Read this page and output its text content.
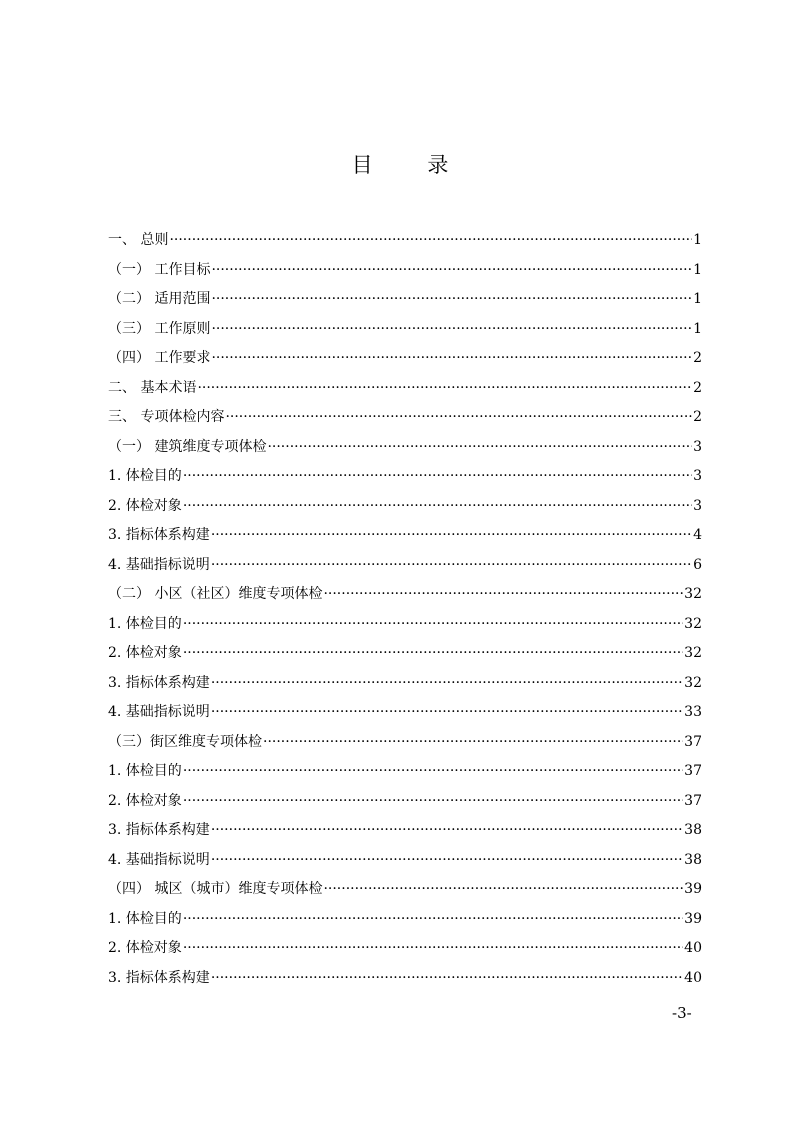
目 录
一、 总则 ·····	1
（一） 工作目标 ·····	1
（二） 适用范围 ·····	1
（三） 工作原则 ·····	1
（四） 工作要求 ·····	2
二、 基本术语 ·····	2
三、 专项体检内容 ·····	2
（一） 建筑维度专项体检 ·····	3
1. 体检目的 ·····	3
2. 体检对象 ·····	3
3. 指标体系构建 ·····	4
4. 基础指标说明 ·····	6
（二） 小区（社区）维度专项体检 ·····	32
1. 体检目的 ·····	32
2. 体检对象 ·····	32
3. 指标体系构建 ·····	32
4. 基础指标说明 ·····	33
（三）街区维度专项体检 ·····	37
1. 体检目的 ·····	37
2. 体检对象 ·····	37
3. 指标体系构建 ·····	38
4. 基础指标说明 ·····	38
（四） 城区（城市）维度专项体检 ·····	39
1. 体检目的 ·····	39
2. 体检对象 ·····	40
3. 指标体系构建 ·····	40
-3-
